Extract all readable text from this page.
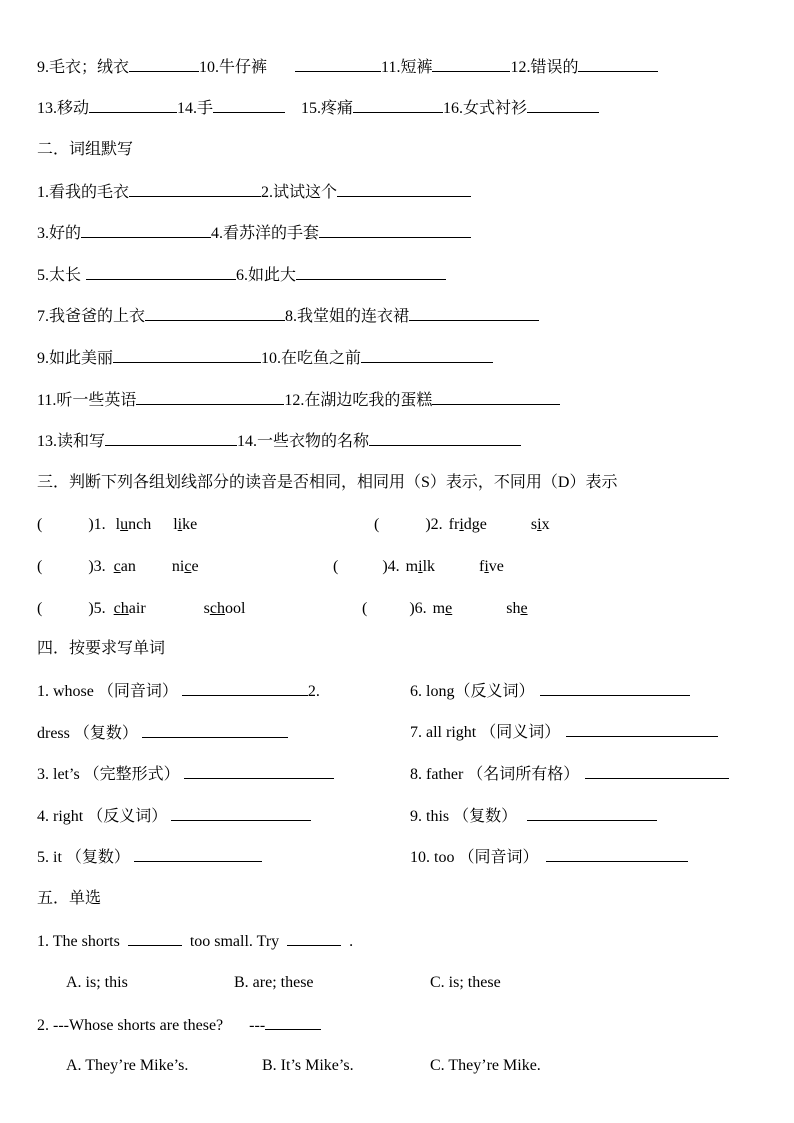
9.毛衣；绒衣	10.牛仔裤	11.短裤	12.错误的
13.移动	14.手	15.疼痛	16.女式衬衫
二．词组默写
1.看我的毛衣	2.试试这个
3.好的	4.看苏洋的手套
5.太长	6.如此大
7.我爸爸的上衣	8.我堂姐的连衣裙
9.如此美丽	10.在吃鱼之前
11.听一些英语	12.在湖边吃我的蛋糕
13.读和写	14.一些衣物的名称
三．判断下列各组划线部分的读音是否相同，相同用（S）表示，不同用（D）表示
(	)1. lunch like	(	)2. fridge	six
(	)3. can nice	(	)4. milk	five
(	)5. chair	school	(	)6. me	she
四．按要求写单词
1. whose （同音词）	2.	6. long（反义词）
dress （复数）	7. all right （同义词）
3. let’s （完整形式）	8. father （名词所有格）
4. right （反义词）	9. this （复数）
5. it （复数）	10. too （同音词）
五．单选
1. The shorts	too small. Try	.
A. is; this	B. are; these	C. is; these
2. ---Whose shorts are these? ---
A. They’re Mike’s.	B. It’s Mike’s.	C. They’re Mike.
